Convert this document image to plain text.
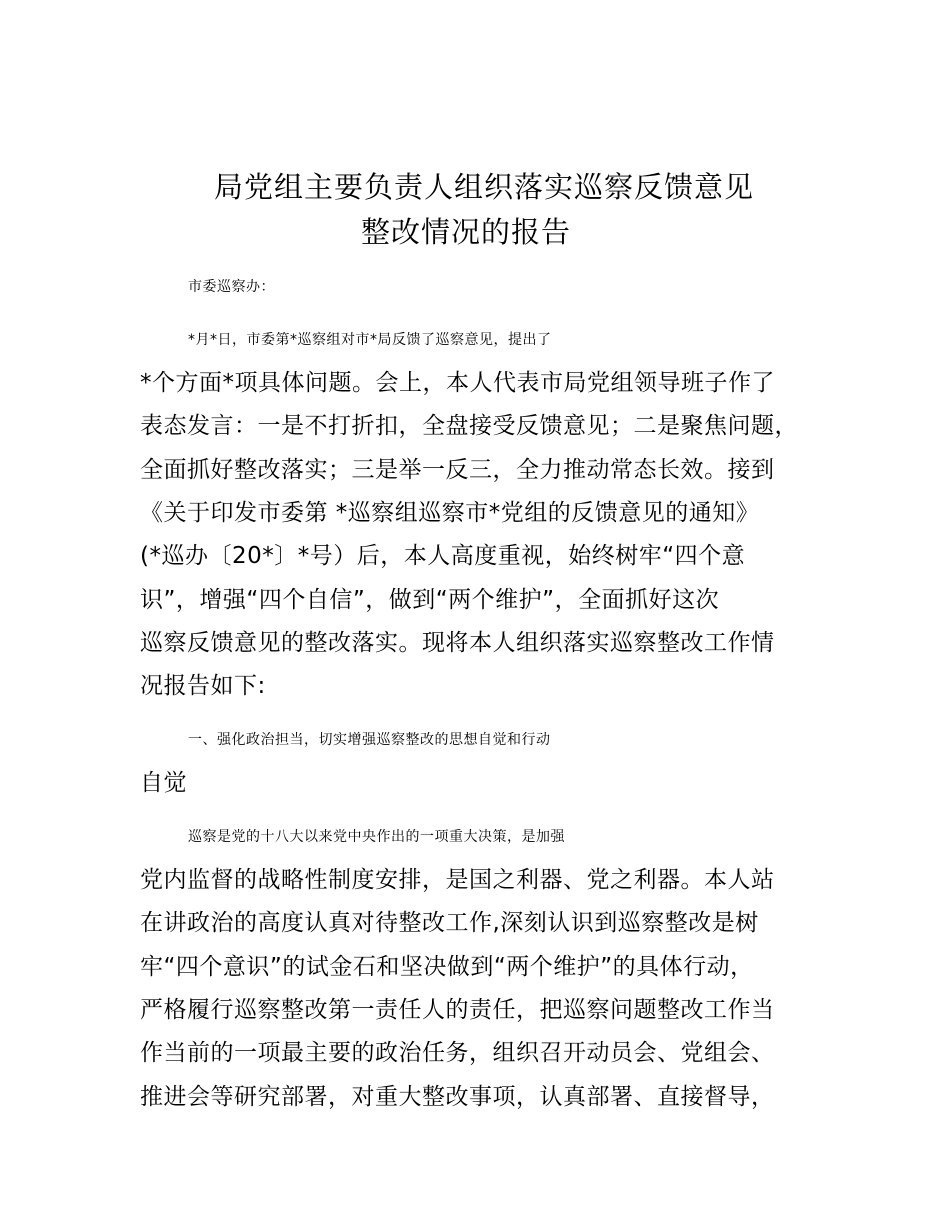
局党组主要负责人组织落实巡察反馈意见
整改情况的报告
市委巡察办：
*月*日，市委第*巡察组对市*局反馈了巡察意见，提出了
*个方面*项具体问题。会上，本人代表市局党组领导班子作了
表态发言：一是不打折扣，全盘接受反馈意见；二是聚焦问题，
全面抓好整改落实；三是举一反三，全力推动常态长效。接到
《关于印发市委第 *巡察组巡察市*党组的反馈意见的通知》
(*巡办〔20*〕*号）后，本人高度重视，始终树牢“四个意
识”，增强“四个自信”，做到“两个维护”，全面抓好这次
巡察反馈意见的整改落实。现将本人组织落实巡察整改工作情
况报告如下:
一、强化政治担当，切实增强巡察整改的思想自觉和行动
自觉
巡察是党的十八大以来党中央作出的一项重大决策，是加强
党内监督的战略性制度安排，是国之利器、党之利器。本人站
在讲政治的高度认真对待整改工作,深刻认识到巡察整改是树
牢“四个意识”的试金石和坚决做到“两个维护”的具体行动，
严格履行巡察整改第一责任人的责任，把巡察问题整改工作当
作当前的一项最主要的政治任务，组织召开动员会、党组会、
推进会等研究部署，对重大整改事项，认真部署、直接督导，
